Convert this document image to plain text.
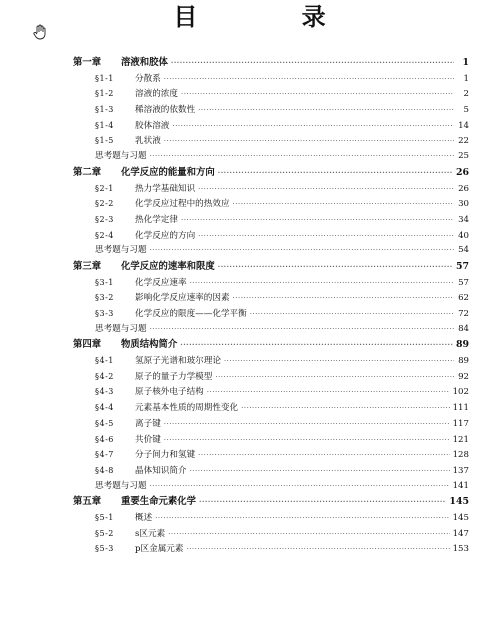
目 录
第一章	溶液和胶体 ·····	1
§1-1	分散系 ·····	1
§1-2	溶液的浓度 ·····	2
§1-3	稀溶液的依数性 ·····	5
§1-4	胶体溶液 ·····	14
§1-5	乳状液 ·····	22
思考题与习题 ·····	25
第二章	化学反应的能量和方向 ·····	26
§2-1	热力学基础知识 ·····	26
§2-2	化学反应过程中的热效应 ·····	30
§2-3	热化学定律 ·····	34
§2-4	化学反应的方向 ·····	40
思考题与习题 ·····	54
第三章	化学反应的速率和限度 ·····	57
§3-1	化学反应速率 ·····	57
§3-2	影响化学反应速率的因素 ·····	62
§3-3	化学反应的限度——化学平衡 ·····	72
思考题与习题 ·····	84
第四章	物质结构简介 ·····	89
§4-1	氢原子光谱和玻尔理论 ·····	89
§4-2	原子的量子力学模型 ·····	92
§4-3	原子核外电子结构 ·····	102
§4-4	元素基本性质的周期性变化 ·····	111
§4-5	离子键 ·····	117
§4-6	共价键 ·····	121
§4-7	分子间力和氢键 ·····	128
§4-8	晶体知识简介 ·····	137
思考题与习题 ·····	141
第五章	重要生命元素化学 ·····	145
§5-1	概述 ·····	145
§5-2	s区元素 ·····	147
§5-3	p区金属元素 ·····	153
